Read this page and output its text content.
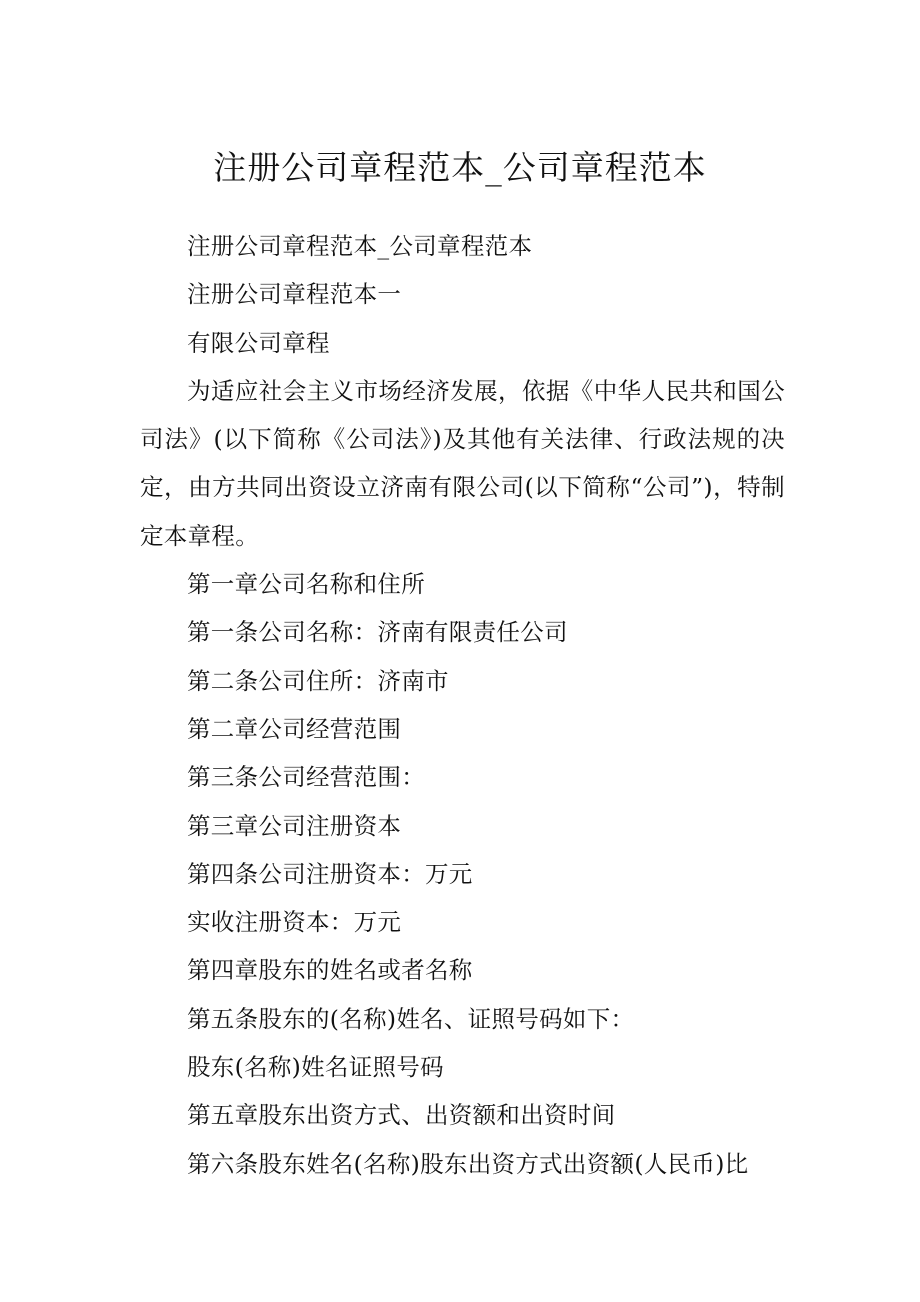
注册公司章程范本_公司章程范本

注册公司章程范本_公司章程范本

注册公司章程范本一

有限公司章程

为适应社会主义市场经济发展，依据《中华人民共和国公司法》(以下简称《公司法》)及其他有关法律、行政法规的决定，由方共同出资设立济南有限公司(以下简称“公司”)，特制定本章程。

第一章公司名称和住所

第一条公司名称：济南有限责任公司

第二条公司住所：济南市

第二章公司经营范围

第三条公司经营范围：

第三章公司注册资本

第四条公司注册资本：万元

实收注册资本：万元

第四章股东的姓名或者名称

第五条股东的(名称)姓名、证照号码如下：

股东(名称)姓名证照号码

第五章股东出资方式、出资额和出资时间

第六条股东姓名(名称)股东出资方式出资额(人民币)比
